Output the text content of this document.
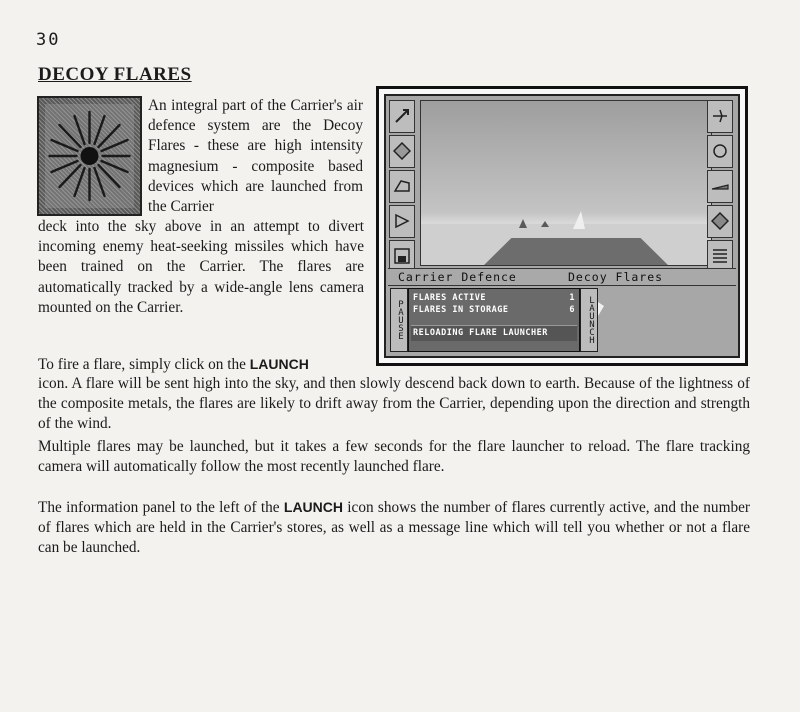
30
DECOY FLARES

An integral part of the Carrier's air defence system are the Decoy Flares - these are high intensity magnesium - composite based devices which are launched from the Carrier

deck into the sky above in an attempt to divert incoming enemy heat-seeking missiles which have been trained on the Carrier. The flares are automatically tracked by a wide-angle lens camera mounted on the Carrier.

To fire a flare, simply click on the LAUNCH

icon. A flare will be sent high into the sky, and then slowly descend back down to earth. Because of the lightness of the composite metals, the flares are likely to drift away from the Carrier, depending upon the direction and strength of the wind.

Multiple flares may be launched, but it takes a few seconds for the flare launcher to reload. The flare tracking camera will automatically follow the most recently launched flare.

The information panel to the left of the LAUNCH icon shows the number of flares currently active, and the number of flares which are held in the Carrier's stores, as well as a message line which will tell you whether or not a flare can be launched.

Carrier Defence	Decoy Flares
PAUSE
FLARES ACTIVE	1
FLARES IN STORAGE	6
RELOADING FLARE LAUNCHER	LAUNCH
